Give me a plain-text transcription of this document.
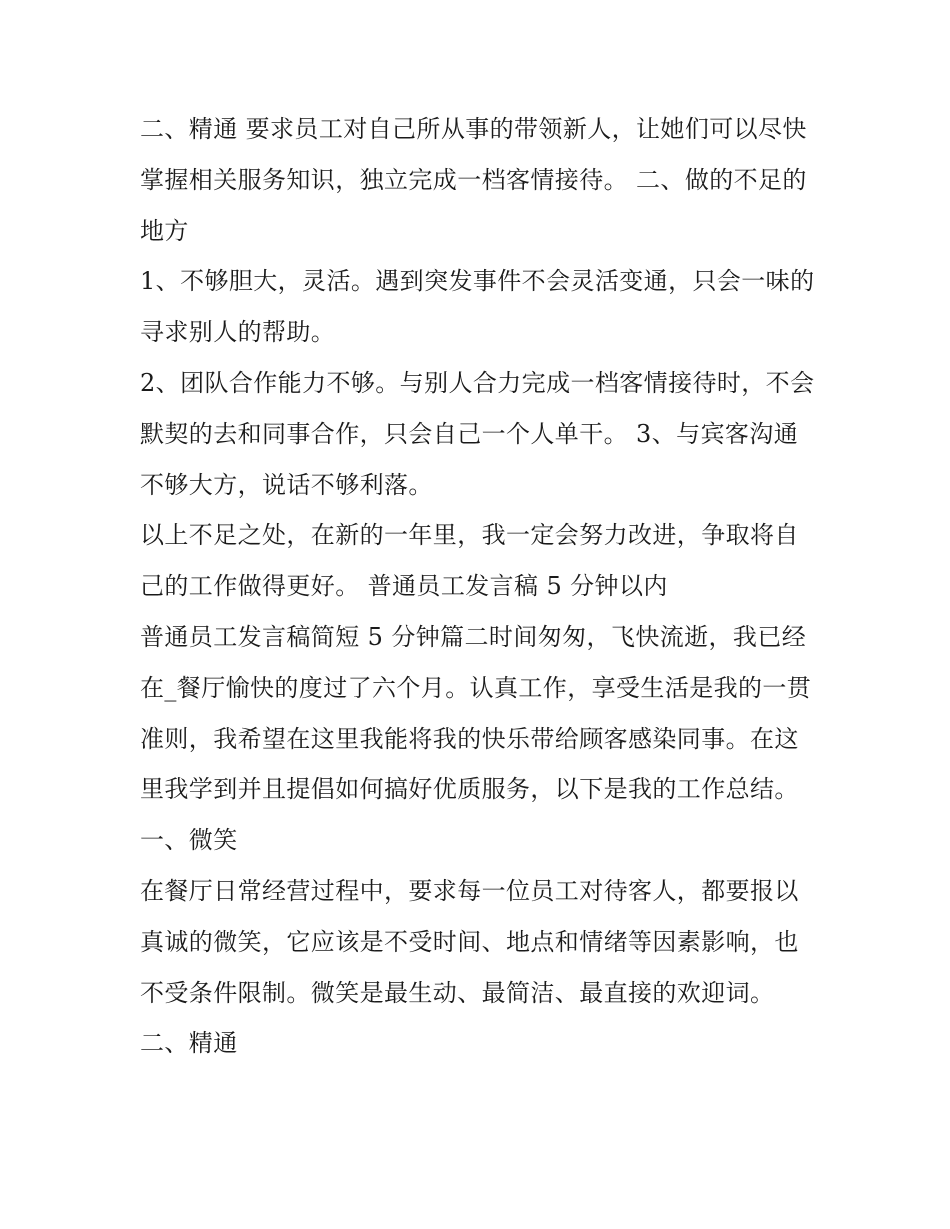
二、精通 要求员工对自己所从事的带领新人，让她们可以尽快掌握相关服务知识，独立完成一档客情接待。 二、做的不足的地方

1、不够胆大，灵活。遇到突发事件不会灵活变通，只会一味的寻求别人的帮助。

2、团队合作能力不够。与别人合力完成一档客情接待时，不会默契的去和同事合作，只会自己一个人单干。 3、与宾客沟通不够大方，说话不够利落。

以上不足之处，在新的一年里，我一定会努力改进，争取将自己的工作做得更好。 普通员工发言稿 5 分钟以内

普通员工发言稿简短 5 分钟篇二时间匆匆，飞快流逝，我已经在_餐厅愉快的度过了六个月。认真工作，享受生活是我的一贯准则，我希望在这里我能将我的快乐带给顾客感染同事。在这里我学到并且提倡如何搞好优质服务，以下是我的工作总结。

一、微笑

在餐厅日常经营过程中，要求每一位员工对待客人，都要报以真诚的微笑，它应该是不受时间、地点和情绪等因素影响，也不受条件限制。微笑是最生动、最简洁、最直接的欢迎词。

二、精通
